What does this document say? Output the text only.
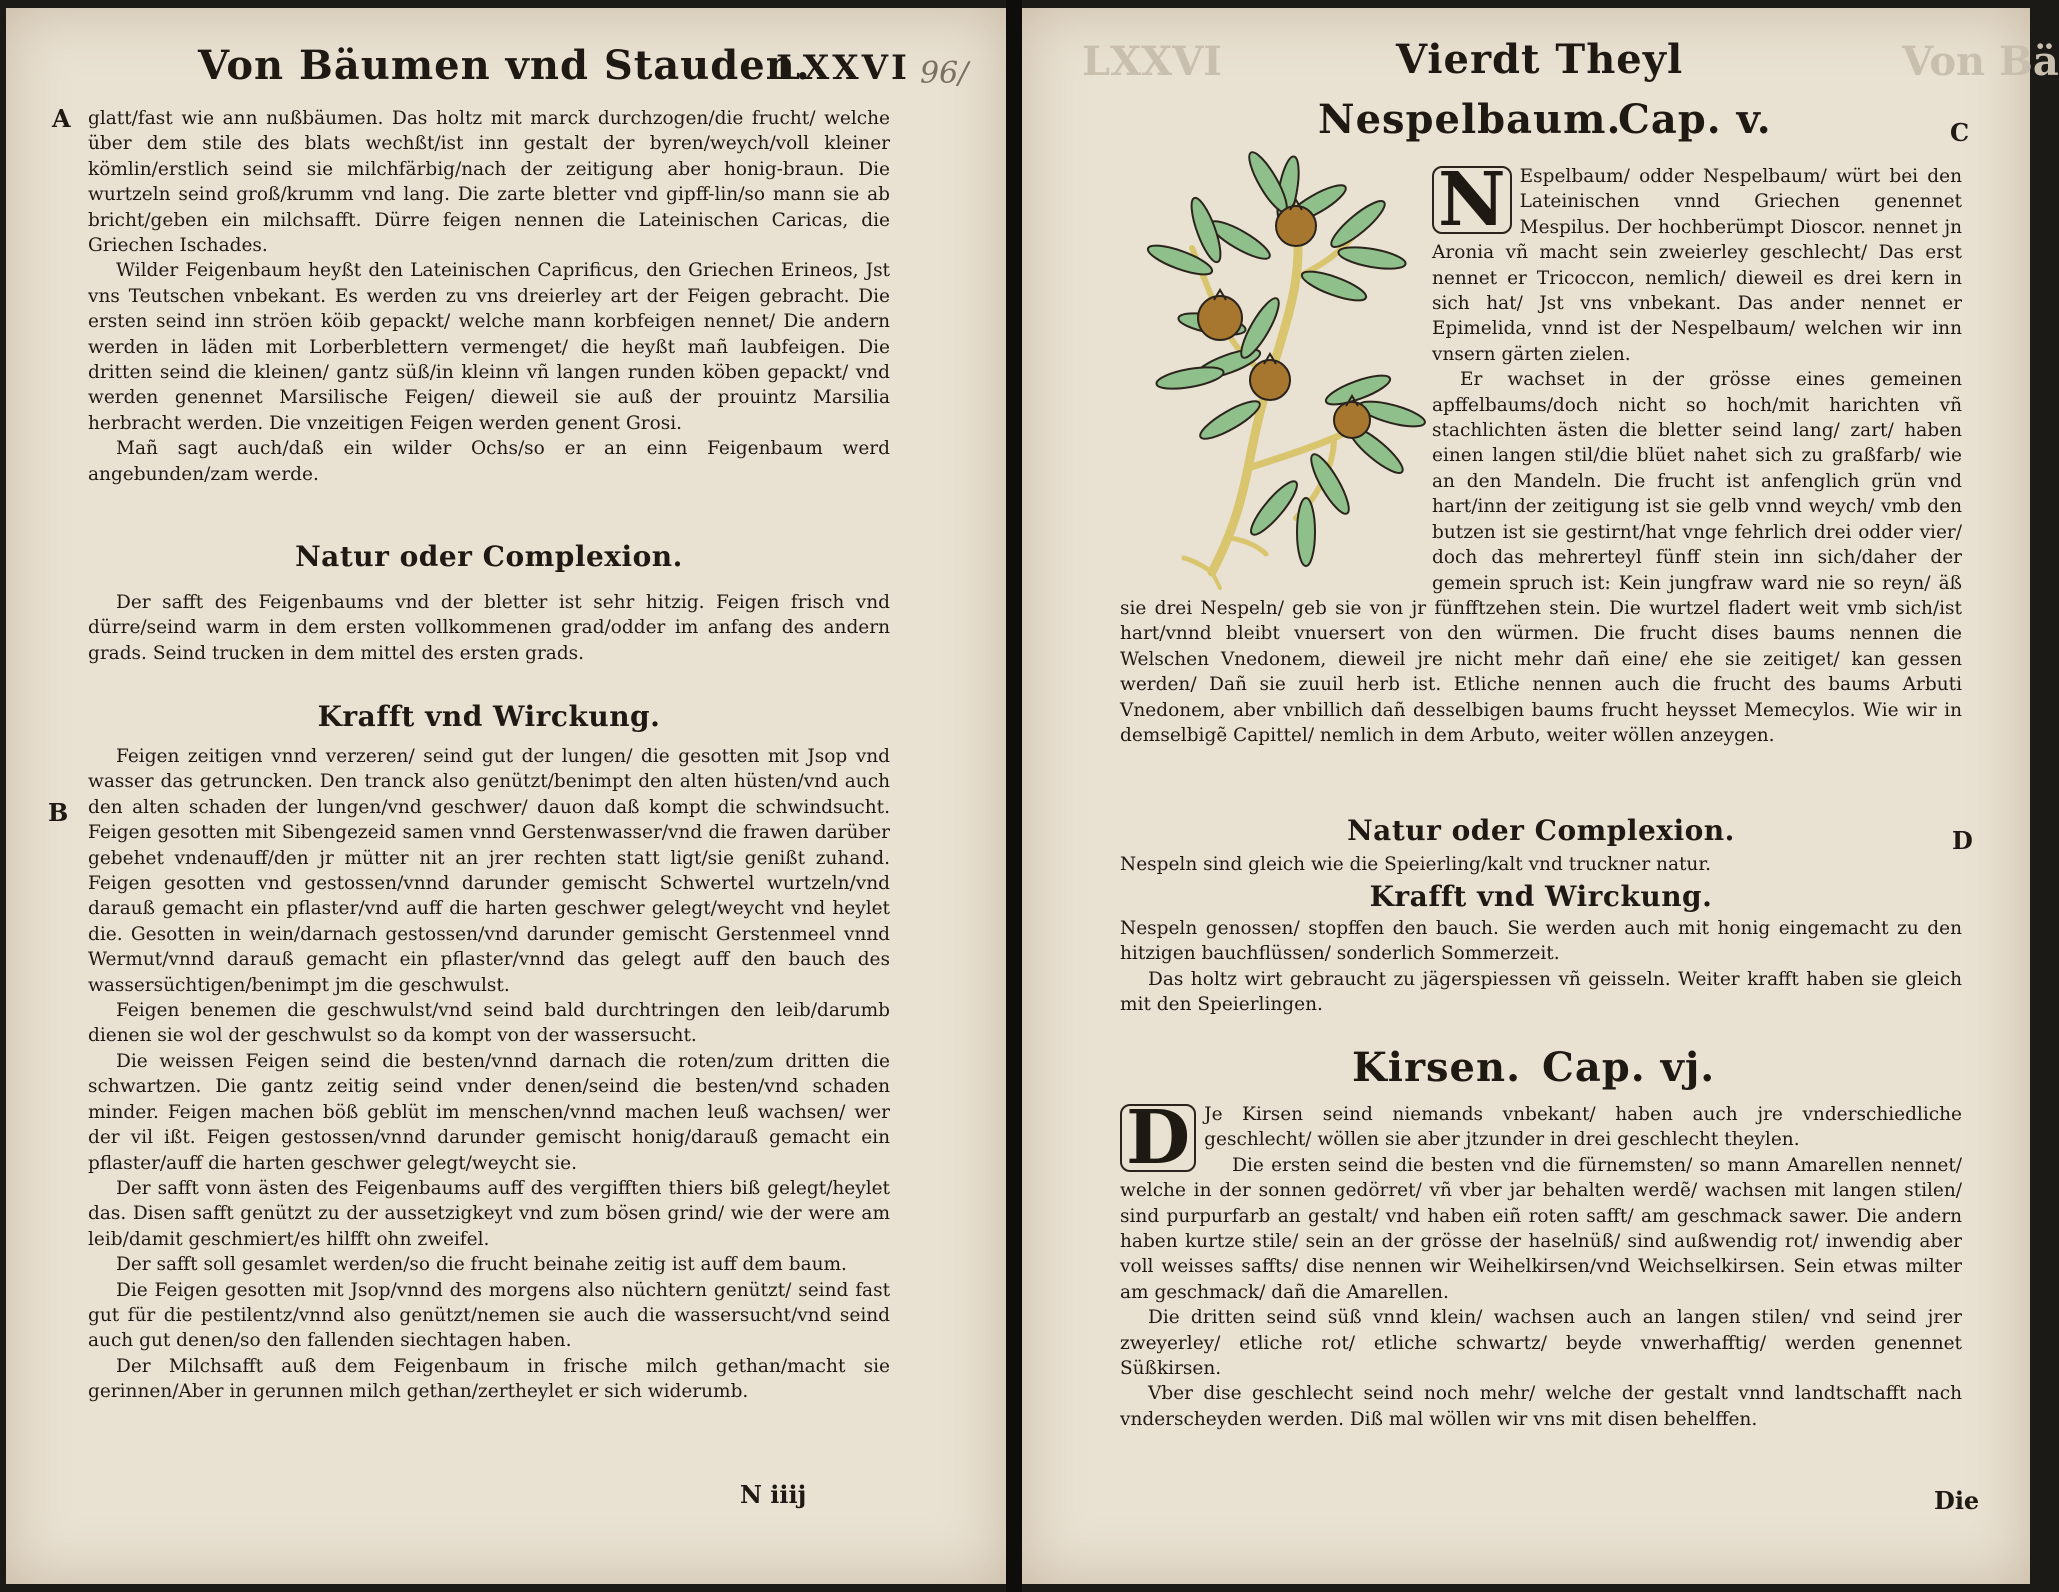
Von Bäumen vnd Stauden.
LXXVI 96/
A
B

glatt/fast wie ann nußbäumen. Das holtz mit marck durchzogen/die frucht/ welche über dem stile des blats wechßt/ist inn gestalt der byren/weych/voll kleiner kömlin/erstlich seind sie milchfärbig/nach der zeitigung aber honig-braun. Die wurtzeln seind groß/krumm vnd lang. Die zarte bletter vnd gipff-lin/so mann sie ab bricht/geben ein milchsafft. Dürre feigen nennen die Lateinischen Caricas, die Griechen Ischades.

Wilder Feigenbaum heyßt den Lateinischen Caprificus, den Griechen Erineos, Jst vns Teutschen vnbekant. Es werden zu vns dreierley art der Feigen gebracht. Die ersten seind inn ströen köib gepackt/ welche mann korbfeigen nennet/ Die andern werden in läden mit Lorberblettern vermenget/ die heyßt mañ laubfeigen. Die dritten seind die kleinen/ gantz süß/in kleinn vñ langen runden köben gepackt/ vnd werden genennet Marsilische Feigen/ dieweil sie auß der prouintz Marsilia herbracht werden. Die vnzeitigen Feigen werden genent Grosi.

Mañ sagt auch/daß ein wilder Ochs/so er an einn Feigenbaum werd angebunden/zam werde.

Natur oder Complexion.

Der safft des Feigenbaums vnd der bletter ist sehr hitzig. Feigen frisch vnd dürre/seind warm in dem ersten vollkommenen grad/odder im anfang des andern grads. Seind trucken in dem mittel des ersten grads.

Krafft vnd Wirckung.

Feigen zeitigen vnnd verzeren/ seind gut der lungen/ die gesotten mit Jsop vnd wasser das getruncken. Den tranck also genützt/benimpt den alten hüsten/vnd auch den alten schaden der lungen/vnd geschwer/ dauon daß kompt die schwindsucht. Feigen gesotten mit Sibengezeid samen vnnd Gerstenwasser/vnd die frawen darüber gebehet vndenauff/den jr mütter nit an jrer rechten statt ligt/sie genißt zuhand. Feigen gesotten vnd gestossen/vnnd darunder gemischt Schwertel wurtzeln/vnd darauß gemacht ein pflaster/vnd auff die harten geschwer gelegt/weycht vnd heylet die. Gesotten in wein/darnach gestossen/vnd darunder gemischt Gerstenmeel vnnd Wermut/vnnd darauß gemacht ein pflaster/vnnd das gelegt auff den bauch des wassersüchtigen/benimpt jm die geschwulst.

Feigen benemen die geschwulst/vnd seind bald durchtringen den leib/darumb dienen sie wol der geschwulst so da kompt von der wassersucht.

Die weissen Feigen seind die besten/vnnd darnach die roten/zum dritten die schwartzen. Die gantz zeitig seind vnder denen/seind die besten/vnd schaden minder. Feigen machen böß geblüt im menschen/vnnd machen leuß wachsen/ wer der vil ißt. Feigen gestossen/vnnd darunder gemischt honig/darauß gemacht ein pflaster/auff die harten geschwer gelegt/weycht sie.

Der safft vonn ästen des Feigenbaums auff des vergifften thiers biß gelegt/heylet das. Disen safft genützt zu der aussetzigkeyt vnd zum bösen grind/ wie der were am leib/damit geschmiert/es hilfft ohn zweifel.

Der safft soll gesamlet werden/so die frucht beinahe zeitig ist auff dem baum.

Die Feigen gesotten mit Jsop/vnnd des morgens also nüchtern genützt/ seind fast gut für die pestilentz/vnnd also genützt/nemen sie auch die wassersucht/vnd seind auch gut denen/so den fallenden siechtagen haben.

Der Milchsafft auß dem Feigenbaum in frische milch gethan/macht sie gerinnen/Aber in gerunnen milch gethan/zertheylet er sich widerumb.

N iiij
LXXVI	Von Bä
Vierdt Theyl
Nespelbaum.
Cap. v.	C
D
N Espelbaum/ odder Nespelbaum/ würt bei den Lateinischen vnnd Griechen genennet Mespilus. Der hochberümpt Dioscor. nennet jn Aronia vñ macht sein zweierley geschlecht/ Das erst nennet er Tricoccon, nemlich/ dieweil es drei kern in sich hat/ Jst vns vnbekant. Das ander nennet er Epimelida, vnnd ist der Nespelbaum/ welchen wir inn vnsern gärten zielen.

Er wachset in der grösse eines gemeinen apffelbaums/doch nicht so hoch/mit harichten vñ stachlichten ästen die bletter seind lang/ zart/ haben einen langen stil/die blüet nahet sich zu graßfarb/ wie an den Mandeln. Die frucht ist anfenglich grün vnd hart/inn der zeitigung ist sie gelb vnnd weych/ vmb den butzen ist sie gestirnt/hat vnge fehrlich drei odder vier/ doch das mehrerteyl fünff stein inn sich/daher der gemein spruch ist: Kein jungfraw ward nie so reyn/ äß sie drei Nespeln/ geb sie von jr fünfftzehen stein. Die wurtzel fladert weit vmb sich/ist hart/vnnd bleibt vnuersert von den würmen. Die frucht dises baums nennen die Welschen Vnedonem, dieweil jre nicht mehr dañ eine/ ehe sie zeitiget/ kan gessen werden/ Dañ sie zuuil herb ist. Etliche nennen auch die frucht des baums Arbuti Vnedonem, aber vnbillich dañ desselbigen baums frucht heysset Memecylos. Wie wir in demselbigẽ Capittel/ nemlich in dem Arbuto, weiter wöllen anzeygen.

Natur oder Complexion.

Nespeln sind gleich wie die Speierling/kalt vnd truckner natur.

Krafft vnd Wirckung.

Nespeln genossen/ stopffen den bauch. Sie werden auch mit honig eingemacht zu den hitzigen bauchflüssen/ sonderlich Sommerzeit.

Das holtz wirt gebraucht zu jägerspiessen vñ geisseln. Weiter krafft haben sie gleich mit den Speierlingen.

Kirsen. Cap. vj.
D Je Kirsen seind niemands vnbekant/ haben auch jre vnderschiedliche geschlecht/ wöllen sie aber jtzunder in drei geschlecht theylen.

Die ersten seind die besten vnd die fürnemsten/ so mann Amarellen nennet/ welche in der sonnen gedörret/ vñ vber jar behalten werdẽ/ wachsen mit langen stilen/ sind purpurfarb an gestalt/ vnd haben eiñ roten safft/ am geschmack sawer. Die andern haben kurtze stile/ sein an der grösse der haselnüß/ sind außwendig rot/ inwendig aber voll weisses saffts/ dise nennen wir Weihelkirsen/vnd Weichselkirsen. Sein etwas milter am geschmack/ dañ die Amarellen.

Die dritten seind süß vnnd klein/ wachsen auch an langen stilen/ vnd seind jrer zweyerley/ etliche rot/ etliche schwartz/ beyde vnwerhafftig/ werden genennet Süßkirsen.

Vber dise geschlecht seind noch mehr/ welche der gestalt vnnd landtschafft nach vnderscheyden werden. Diß mal wöllen wir vns mit disen behelffen.

Die
